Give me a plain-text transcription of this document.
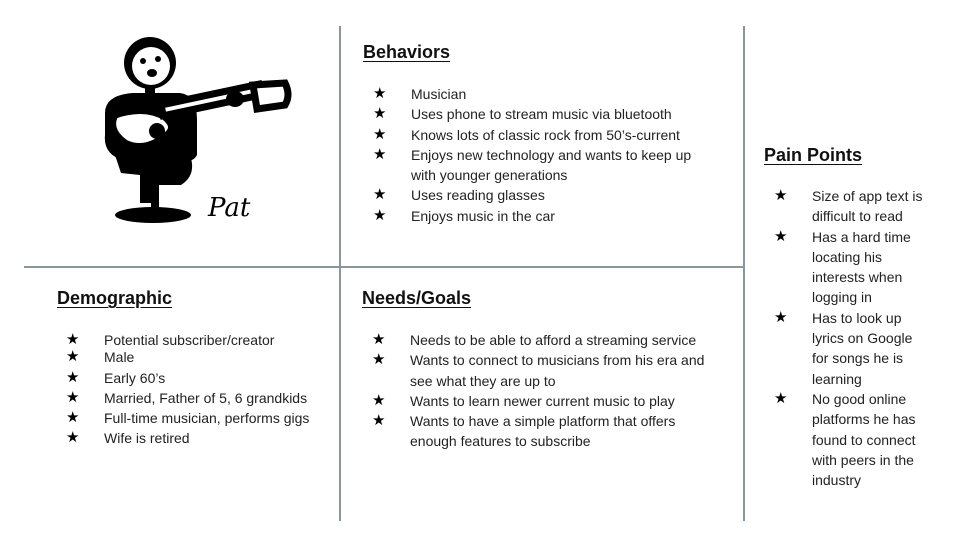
Pat
Behaviors
★ Musician
★ Uses phone to stream music via bluetooth
★ Knows lots of classic rock from 50’s-current
★ Enjoys new technology and wants to keep up with younger generations
★ Uses reading glasses
★ Enjoys music in the car
Demographic
★ Potential subscriber/creator
★ Male
★ Early 60’s
★ Married, Father of 5, 6 grandkids
★ Full-time musician, performs gigs
★ Wife is retired
Needs/Goals
★ Needs to be able to afford a streaming service
★ Wants to connect to musicians from his era and see what they are up to
★ Wants to learn newer current music to play
★ Wants to have a simple platform that offers enough features to subscribe
Pain Points
★ Size of app text is difficult to read
★ Has a hard time locating his interests when logging in
★ Has to look up lyrics on Google for songs he is learning
★ No good online platforms he has found to connect with peers in the industry
